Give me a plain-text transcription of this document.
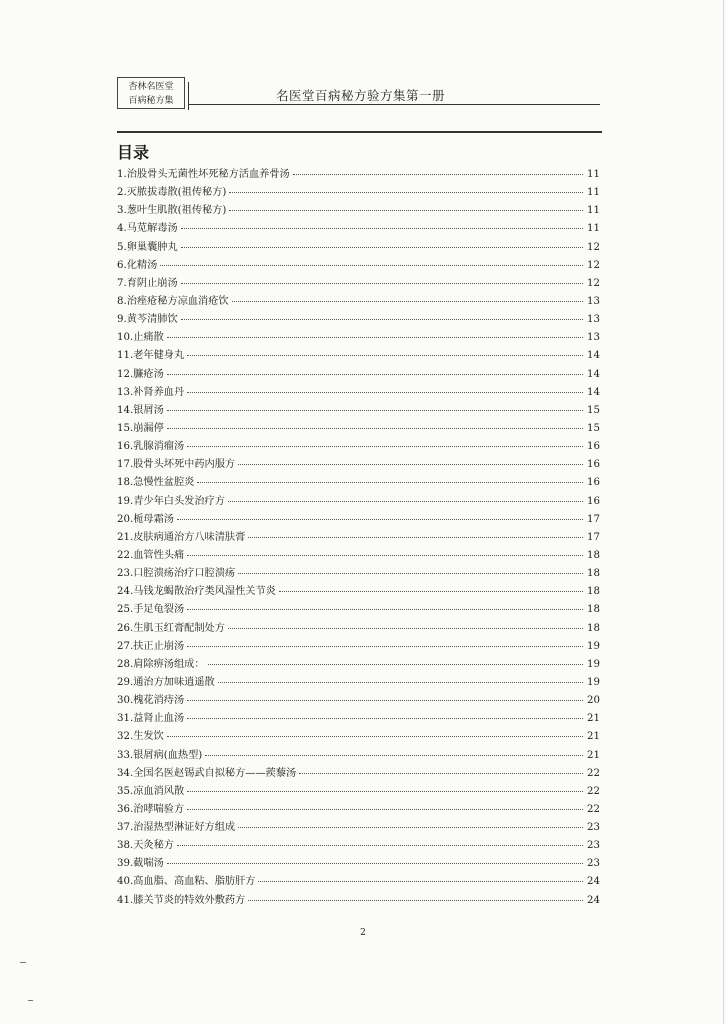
杏林名医堂
百病秘方集	名医堂百病秘方验方集第一册
目录
1.治股骨头无菌性坏死秘方活血养骨汤	11
2.灭脓拔毒散(祖传秘方)	11
3.葱叶生肌散(祖传秘方)	11
4.马苋解毒汤	11
5.卵巢囊肿丸	12
6.化精汤	12
7.育阴止崩汤	12
8.治痤疮秘方凉血消疮饮	13
9.黄芩清肺饮	13
10.止痛散	13
11.老年健身丸	14
12.臁疮汤	14
13.补肾养血丹	14
14.银屑汤	15
15.崩漏停	15
16.乳腺消瘤汤	16
17.股骨头坏死中药内服方	16
18.急慢性盆腔炎	16
19.青少年白头发治疗方	16
20.栀母霜汤	17
21.皮肤病通治方八味清肤膏	17
22.血管性头痛	18
23.口腔溃疡治疗口腔溃疡	18
24.马钱龙蝎散治疗类风湿性关节炎	18
25.手足龟裂汤	18
26.生肌玉红膏配制处方	18
27.扶正止崩汤	19
28.肩除痹汤组成：	19
29.通治方加味逍遥散	19
30.槐花消痔汤	20
31.益肾止血汤	21
32.生发饮	21
33.银屑病(血热型)	21
34.全国名医赵锡武自拟秘方——蒺藜汤	22
35.凉血消风散	22
36.治哮喘验方	22
37.治湿热型淋证好方组成	23
38.天灸秘方	23
39.截喘汤	23
40.高血脂、高血粘、脂肪肝方	24
41.膝关节炎的特效外敷药方	24
2
